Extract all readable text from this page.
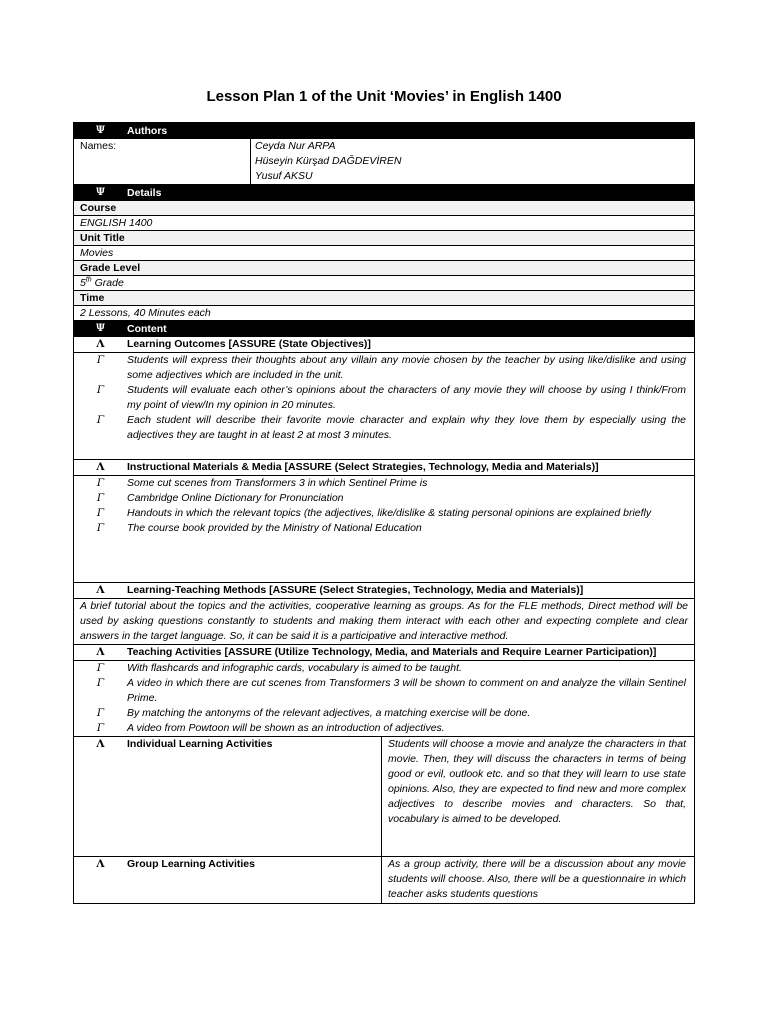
Lesson Plan 1 of the Unit ‘Movies’ in English 1400
Ψ	Authors
Names:	Ceyda Nur ARPA
Hüseyin Kürşad DAĞDEVİREN
Yusuf AKSU
Ψ	Details
Course
ENGLISH 1400
Unit Title
Movies
Grade Level
5th Grade
Time
2 Lessons, 40 Minutes each
Ψ	Content
Λ	Learning Outcomes [ASSURE (State Objectives)]
Γ	Students will express their thoughts about any villain any movie chosen by the teacher by using like/dislike and using some adjectives which are included in the unit.
Γ	Students will evaluate each other’s opinions about the characters of any movie they will choose by using I think/From my point of view/In my opinion in 20 minutes.
Γ	Each student will describe their favorite movie character and explain why they love them by especially using the adjectives they are taught in at least 2 at most 3 minutes.
Λ	Instructional Materials & Media [ASSURE (Select Strategies, Technology, Media and Materials)]
Γ	Some cut scenes from Transformers 3 in which Sentinel Prime is
Γ	Cambridge Online Dictionary for Pronunciation
Γ	Handouts in which the relevant topics (the adjectives, like/dislike & stating personal opinions are explained briefly
Γ	The course book provided by the Ministry of National Education
Λ	Learning-Teaching Methods [ASSURE (Select Strategies, Technology, Media and Materials)]
A brief tutorial about the topics and the activities, cooperative learning as groups. As for the FLE methods, Direct method will be used by asking questions constantly to students and making them interact with each other and expecting complete and clear answers in the target language. So, it can be said it is a participative and interactive method.
Λ	Teaching Activities [ASSURE (Utilize Technology, Media, and Materials and Require Learner Participation)]
Γ	With flashcards and infographic cards, vocabulary is aimed to be taught.
Γ	A video in which there are cut scenes from Transformers 3 will be shown to comment on and analyze the villain Sentinel Prime.
Γ	By matching the antonyms of the relevant adjectives, a matching exercise will be done.
Γ	A video from Powtoon will be shown as an introduction of adjectives.
Λ	Individual Learning Activities	Students will choose a movie and analyze the characters in that movie. Then, they will discuss the characters in terms of being good or evil, outlook etc. and so that they will learn to use state opinions. Also, they are expected to find new and more complex adjectives to describe movies and characters. So that, vocabulary is aimed to be developed.
Λ	Group Learning Activities	As a group activity, there will be a discussion about any movie students will choose. Also, there will be a questionnaire in which teacher asks students questions
